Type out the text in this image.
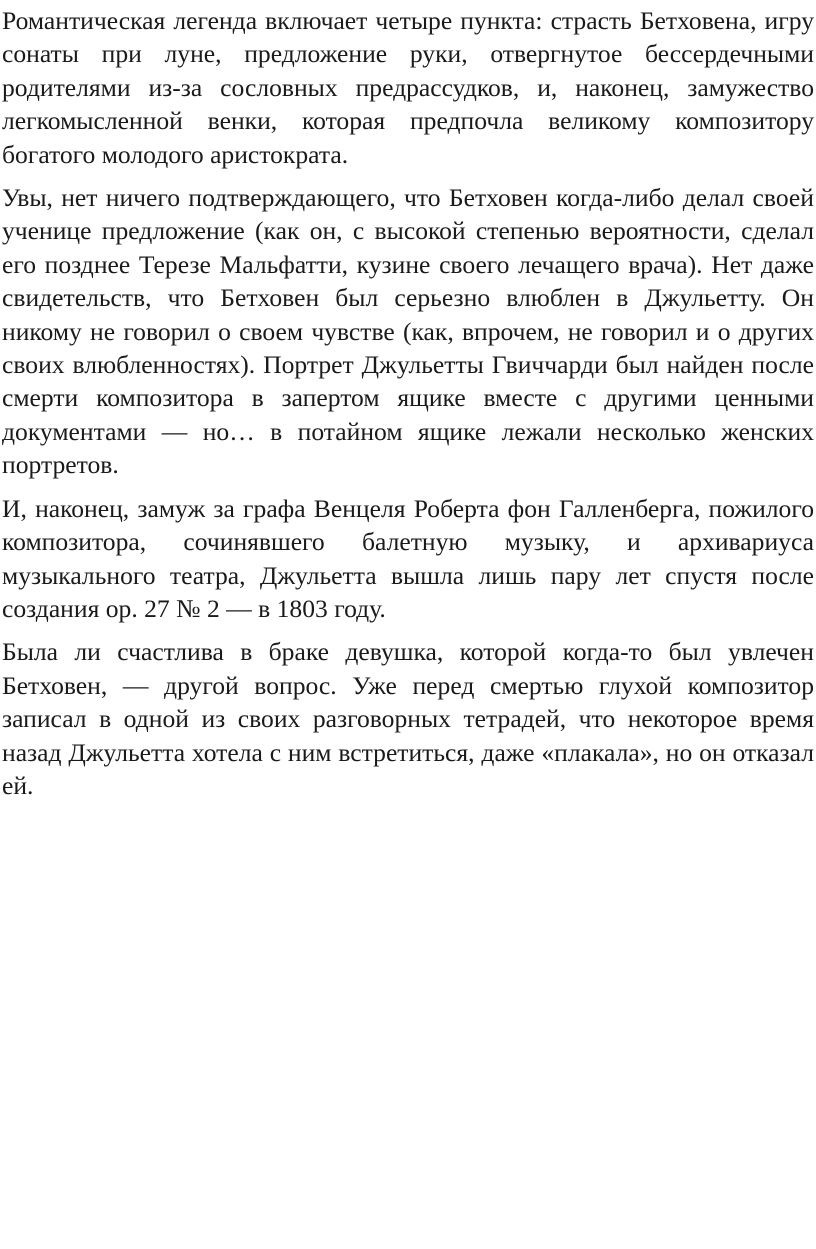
Романтическая легенда включает четыре пункта: страсть Бетховена, игру сонаты при луне, предложение руки, отвергнутое бессердечными родителями из-за сословных предрассудков, и, наконец, замужество легкомысленной венки, которая предпочла великому композитору богатого молодого аристократа.

Увы, нет ничего подтверждающего, что Бетховен когда-либо делал своей ученице предложение (как он, с высокой степенью вероятности, сделал его позднее Терезе Мальфатти, кузине своего лечащего врача). Нет даже свидетельств, что Бетховен был серьезно влюблен в Джульетту. Он никому не говорил о своем чувстве (как, впрочем, не говорил и о других своих влюбленностях). Портрет Джульетты Гвиччарди был найден после смерти композитора в запертом ящике вместе с другими ценными документами — но… в потайном ящике лежали несколько женских портретов.

И, наконец, замуж за графа Венцеля Роберта фон Галленберга, пожилого композитора, сочинявшего балетную музыку, и архивариуса музыкального театра, Джульетта вышла лишь пару лет спустя после создания ор. 27 № 2 — в 1803 году.

Была ли счастлива в браке девушка, которой когда-то был увлечен Бетховен, — другой вопрос. Уже перед смертью глухой композитор записал в одной из своих разговорных тетрадей, что некоторое время назад Джульетта хотела с ним встретиться, даже «плакала», но он отказал ей.
